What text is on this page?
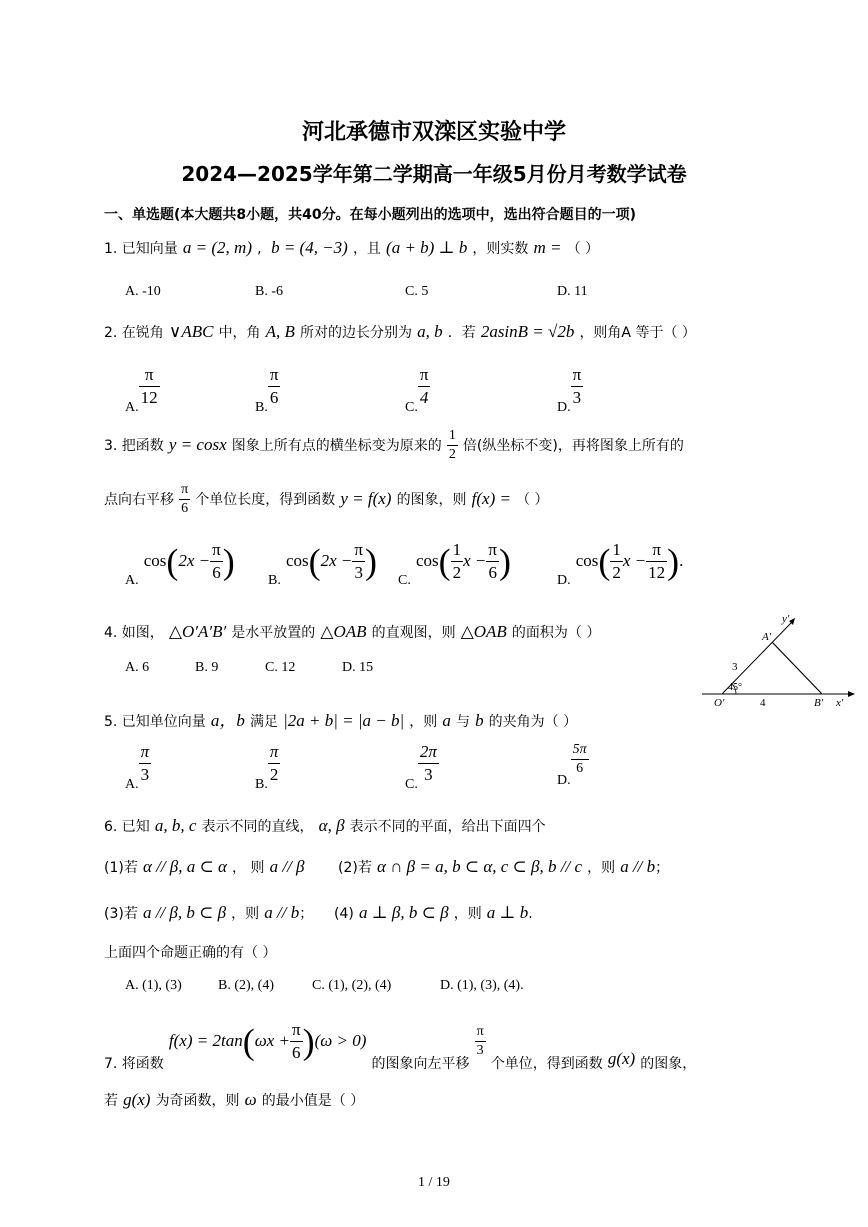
河北承德市双滦区实验中学
2024—2025学年第二学期高一年级5月份月考数学试卷
一、单选题(本大题共8小题，共40分。在每小题列出的选项中，选出符合题目的一项)
1. 已知向量 a = (2, m) ,  b = (4, −3) ，且 (a + b) ⊥ b ，则实数 m = （ ）
A. -10	B. -6	C. 5	D. 11
2. 在锐角 ∨ABC 中，角 A, B 所对的边长分别为 a, b ．若 2asinB = √2b ，则角A 等于（ ）
A. $\frac{\pi}{12}$	B. $\frac{\pi}{6}$	C. $\frac{\pi}{4}$	D. $\frac{\pi}{3}$
3. 把函数 y = cosx 图象上所有点的横坐标变为原来的 $\frac{1}{2}$ 倍(纵坐标不变)，再将图象上所有的
点向右平移 $\frac{\pi}{6}$ 个单位长度，得到函数 y = f(x) 的图象，则 f(x) = （ ）
A. $\cos(2x - \frac{\pi}{6}$ ) B. $\cos(2x - \frac{\pi}{3}$ ) C. $\cos( \frac{1}{2}$ $x - \frac{\pi}{6}$ )	D. $\cos( \frac{1}{2}$ $x - \frac{\pi}{12}$ ).
4. 如图， △O′A′B′ 是水平放置的 △OAB 的直观图，则 △OAB 的面积为（ ）
A. 6	B. 9	C. 12	D. 15
y′
A′
3
45°
O′	4	B′ x′
5. 已知单位向量 a，b 满足 |2a + b| = |a − b| ，则 a 与 b 的夹角为（ ）
A. $\frac{\pi}{3}$	B. $\frac{\pi}{2}$	C. $\frac{2\pi}{3}$	D.
$\frac{5\pi}{6}$
6. 已知 a, b, c 表示不同的直线， α, β 表示不同的平面，给出下面四个
(1)若 α // β, a ⊂ α ， 则 a // β (2)若 α ∩ β = a, b ⊂ α, c ⊂ β, b // c ，则 a // b；
(3)若 a // β, b ⊂ β ，则 a // b； (4) a ⊥ β, b ⊂ β ，则 a ⊥ b.
上面四个命题正确的有（ ）
A. (1), (3)	B. (2), (4)	C. (1), (2), (4)	D. (1), (3), (4).
7. 将函数 $f(x) = 2\tan(\omega x + \frac{\pi}{6} )(\omega > 0)$ 的图象向左平移
$\frac{\pi}{3}$
个单位，得到函数 g(x) 的图象，
若 g(x) 为奇函数，则 ω 的最小值是（ ）
1 / 19
